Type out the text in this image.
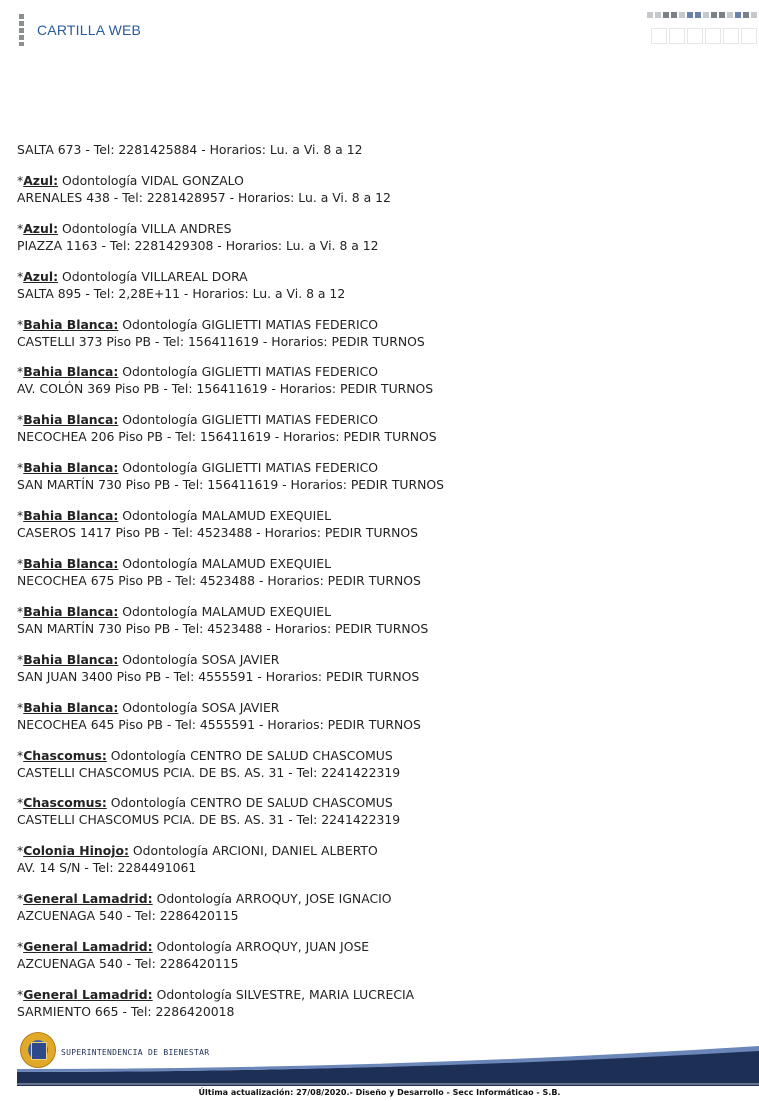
CARTILLA WEB
SALTA 673 - Tel: 2281425884 - Horarios: Lu. a Vi. 8 a 12
*Azul: Odontología VIDAL GONZALO
ARENALES 438 - Tel: 2281428957 - Horarios: Lu. a Vi. 8 a 12
*Azul: Odontología VILLA ANDRES
PIAZZA 1163 - Tel: 2281429308 - Horarios: Lu. a Vi. 8 a 12
*Azul: Odontología VILLAREAL DORA
SALTA 895 - Tel: 2,28E+11 - Horarios: Lu. a Vi. 8 a 12
*Bahia Blanca: Odontología GIGLIETTI MATIAS FEDERICO
CASTELLI 373 Piso PB - Tel: 156411619 - Horarios: PEDIR TURNOS
*Bahia Blanca: Odontología GIGLIETTI MATIAS FEDERICO
AV. COLÓN 369 Piso PB - Tel: 156411619 - Horarios: PEDIR TURNOS
*Bahia Blanca: Odontología GIGLIETTI MATIAS FEDERICO
NECOCHEA 206 Piso PB - Tel: 156411619 - Horarios: PEDIR TURNOS
*Bahia Blanca: Odontología GIGLIETTI MATIAS FEDERICO
SAN MARTÍN 730 Piso PB - Tel: 156411619 - Horarios: PEDIR TURNOS
*Bahia Blanca: Odontología MALAMUD EXEQUIEL
CASEROS 1417 Piso PB - Tel: 4523488 - Horarios: PEDIR TURNOS
*Bahia Blanca: Odontología MALAMUD EXEQUIEL
NECOCHEA 675 Piso PB - Tel: 4523488 - Horarios: PEDIR TURNOS
*Bahia Blanca: Odontología MALAMUD EXEQUIEL
SAN MARTÍN 730 Piso PB - Tel: 4523488 - Horarios: PEDIR TURNOS
*Bahia Blanca: Odontología SOSA JAVIER
SAN JUAN 3400 Piso PB - Tel: 4555591 - Horarios: PEDIR TURNOS
*Bahia Blanca: Odontología SOSA JAVIER
NECOCHEA 645 Piso PB - Tel: 4555591 - Horarios: PEDIR TURNOS
*Chascomus: Odontología CENTRO DE SALUD CHASCOMUS
CASTELLI CHASCOMUS PCIA. DE BS. AS. 31 - Tel: 2241422319
*Chascomus: Odontología CENTRO DE SALUD CHASCOMUS
CASTELLI CHASCOMUS PCIA. DE BS. AS. 31 - Tel: 2241422319
*Colonia Hinojo: Odontología ARCIONI, DANIEL ALBERTO
AV. 14 S/N - Tel: 2284491061
*General Lamadrid: Odontología ARROQUY, JOSE IGNACIO
AZCUENAGA 540 - Tel: 2286420115
*General Lamadrid: Odontología ARROQUY, JUAN JOSE
AZCUENAGA 540 - Tel: 2286420115
*General Lamadrid: Odontología SILVESTRE, MARIA LUCRECIA
SARMIENTO 665 - Tel: 2286420018
SUPERINTENDENCIA DE BIENESTAR
Última actualización: 27/08/2020.- Diseño y Desarrollo - Secc Informáticao - S.B.
